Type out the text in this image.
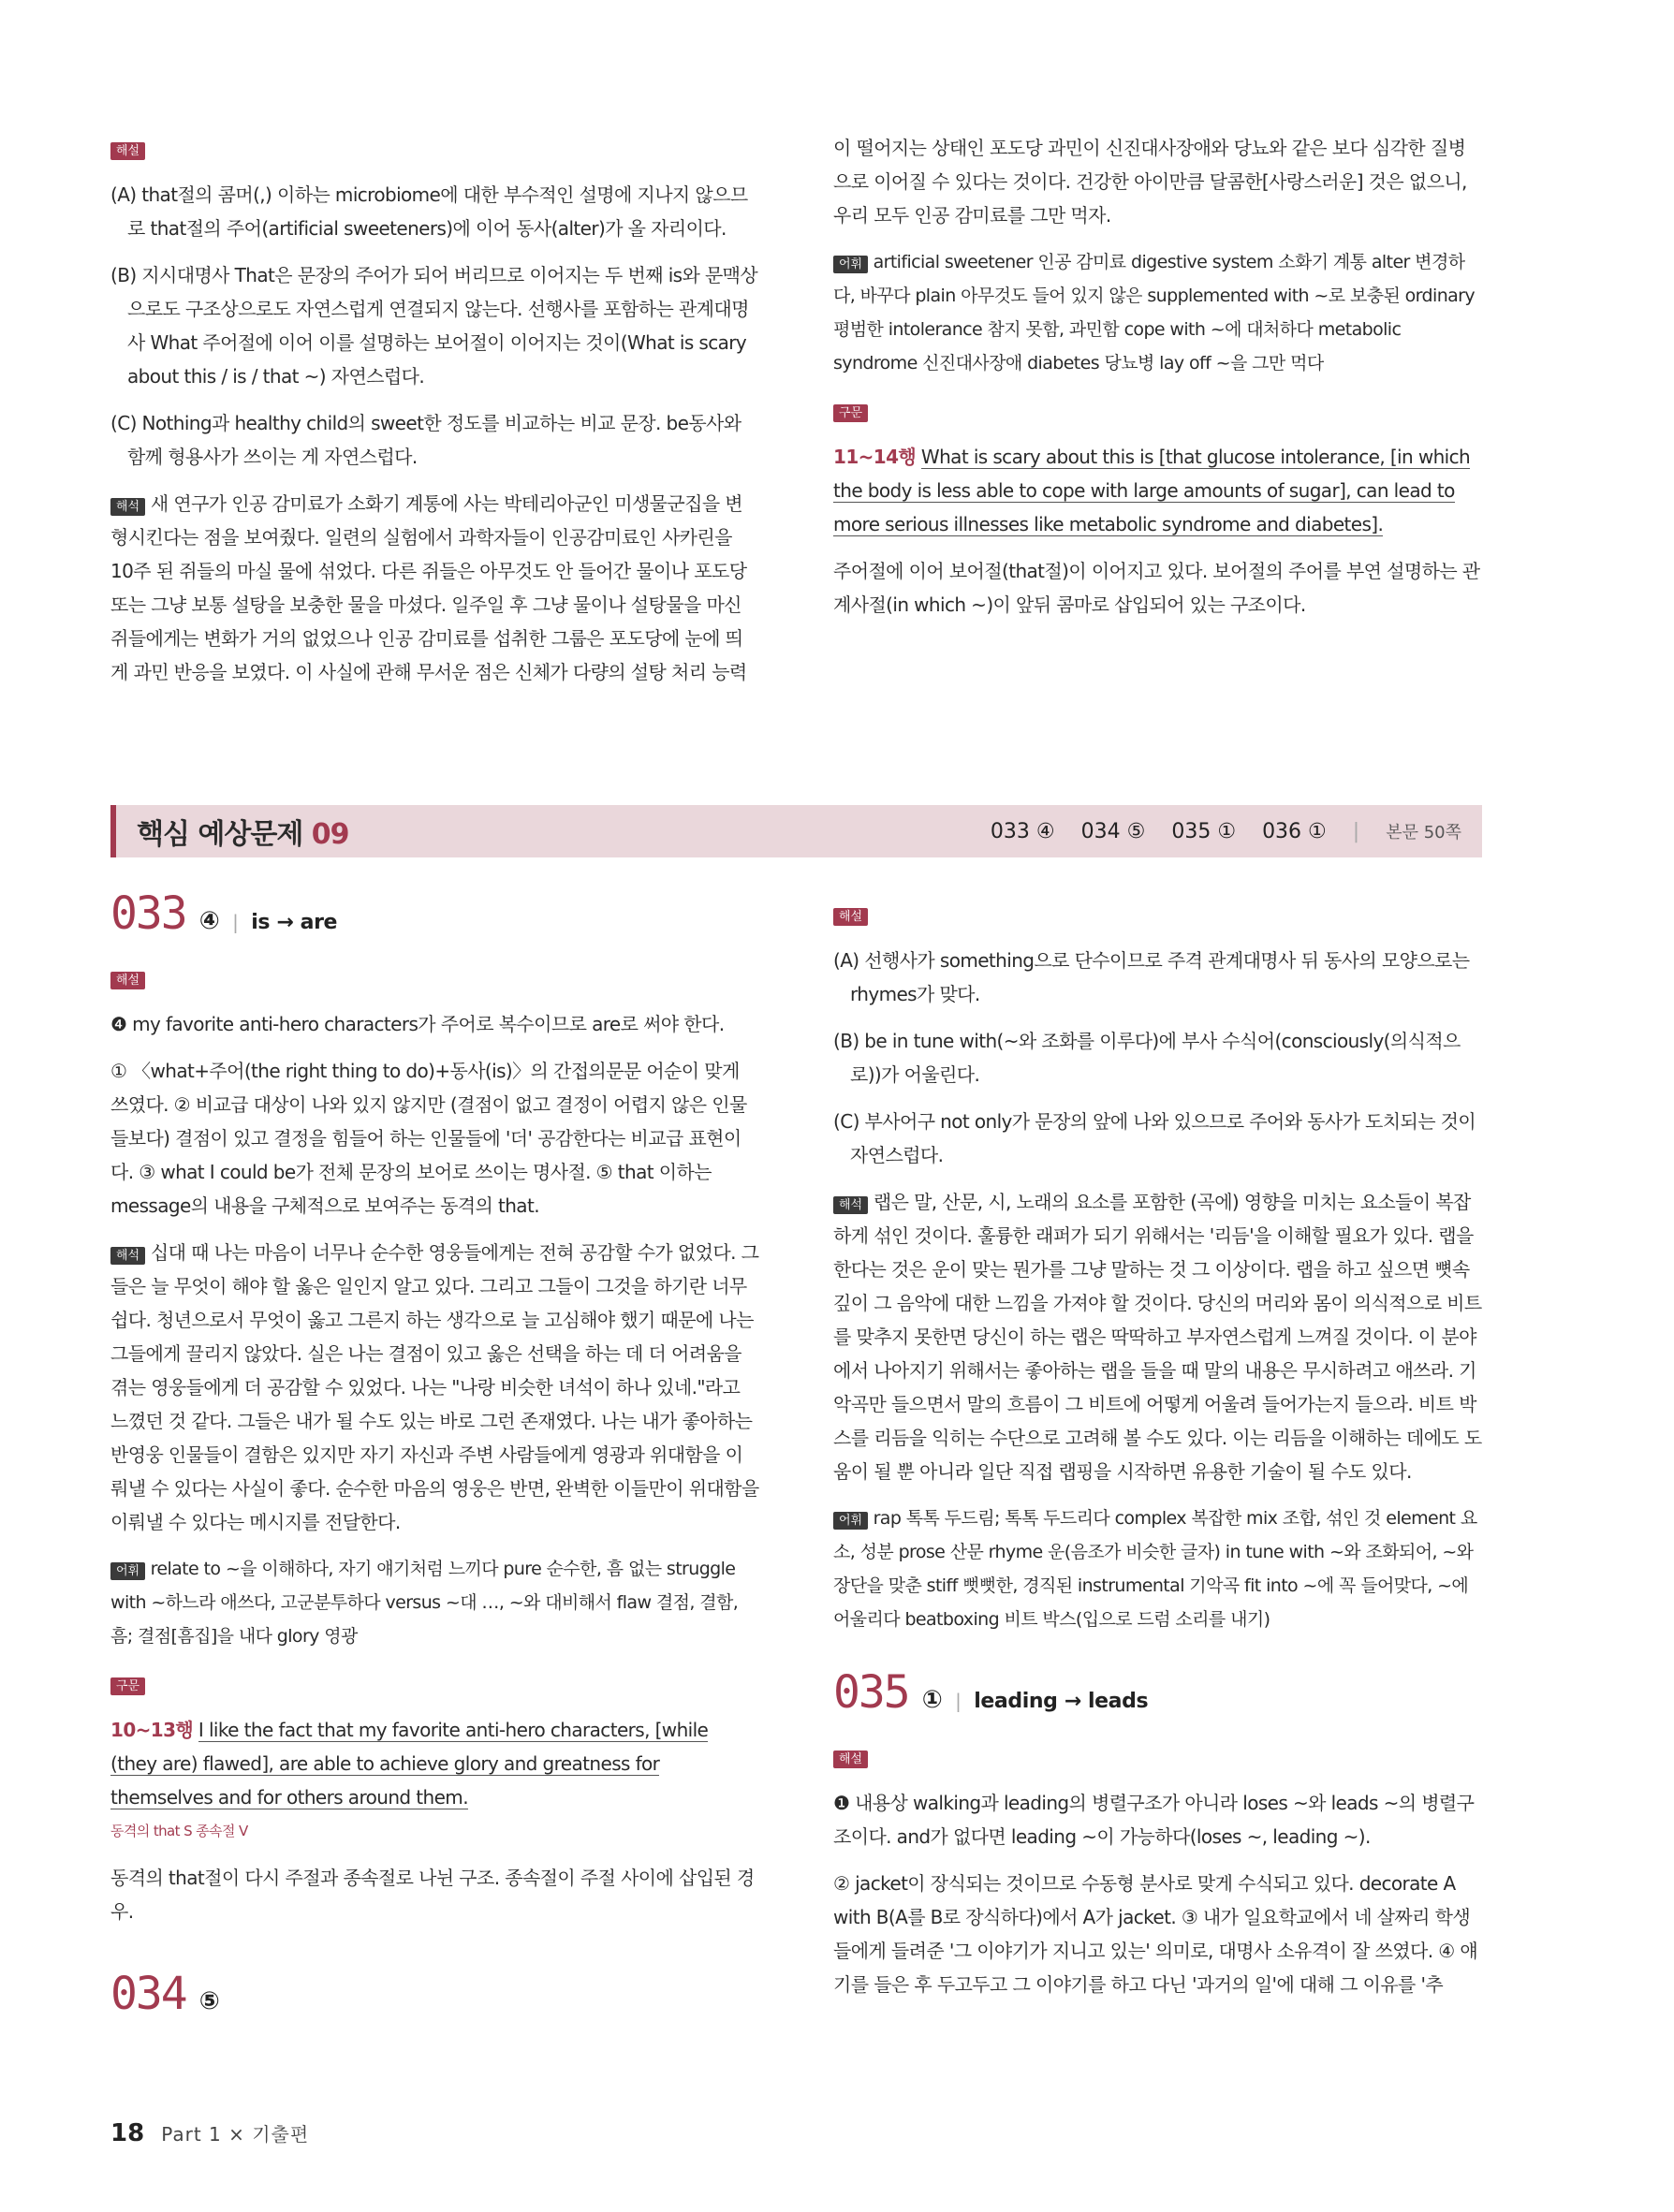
해설
(A) that절의 콤머(,) 이하는 microbiome에 대한 부수적인 설명에 지나지 않으므로 that절의 주어(artificial sweeteners)에 이어 동사(alter)가 올 자리이다.
(B) 지시대명사 That은 문장의 주어가 되어 버리므로 이어지는 두 번째 is와 문맥상으로도 구조상으로도 자연스럽게 연결되지 않는다. 선행사를 포함하는 관계대명사 What 주어절에 이어 이를 설명하는 보어절이 이어지는 것이(What is scary about this / is / that ~) 자연스럽다.
(C) Nothing과 healthy child의 sweet한 정도를 비교하는 비교 문장. be동사와 함께 형용사가 쓰이는 게 자연스럽다.
해석 새 연구가 인공 감미료가 소화기 계통에 사는 박테리아군인 미생물군집을 변형시킨다는 점을 보여줬다. 일련의 실험에서 과학자들이 인공감미료인 사카린을 10주 된 쥐들의 마실 물에 섞었다. 다른 쥐들은 아무것도 안 들어간 물이나 포도당 또는 그냥 보통 설탕을 보충한 물을 마셨다. 일주일 후 그냥 물이나 설탕물을 마신 쥐들에게는 변화가 거의 없었으나 인공 감미료를 섭취한 그룹은 포도당에 눈에 띄게 과민 반응을 보였다. 이 사실에 관해 무서운 점은 신체가 다량의 설탕 처리 능력
이 떨어지는 상태인 포도당 과민이 신진대사장애와 당뇨와 같은 보다 심각한 질병으로 이어질 수 있다는 것이다. 건강한 아이만큼 달콤한[사랑스러운] 것은 없으니, 우리 모두 인공 감미료를 그만 먹자.
어휘 artificial sweetener 인공 감미료 digestive system 소화기 계통 alter 변경하다, 바꾸다 plain 아무것도 들어 있지 않은 supplemented with ~로 보충된 ordinary 평범한 intolerance 참지 못함, 과민함 cope with ~에 대처하다 metabolic syndrome 신진대사장애 diabetes 당뇨병 lay off ~을 그만 먹다
구문
11~14행 What is scary about this is [that glucose intolerance, [in which the body is less able to cope with large amounts of sugar], can lead to more serious illnesses like metabolic syndrome and diabetes].
주어절에 이어 보어절(that절)이 이어지고 있다. 보어절의 주어를 부연 설명하는 관계사절(in which ~)이 앞뒤 콤마로 삽입되어 있는 구조이다.
핵심 예상문제 09	033 ④ 034 ⑤ 035 ① 036 ① | 본문 50쪽
033 ④ | is → are
해설
❹ my favorite anti-hero characters가 주어로 복수이므로 are로 써야 한다.
① 〈what+주어(the right thing to do)+동사(is)〉의 간접의문문 어순이 맞게 쓰였다. ② 비교급 대상이 나와 있지 않지만 (결점이 없고 결정이 어렵지 않은 인물들보다) 결점이 있고 결정을 힘들어 하는 인물들에 '더' 공감한다는 비교급 표현이다. ③ what I could be가 전체 문장의 보어로 쓰이는 명사절. ⑤ that 이하는 message의 내용을 구체적으로 보여주는 동격의 that.
해석 십대 때 나는 마음이 너무나 순수한 영웅들에게는 전혀 공감할 수가 없었다. 그들은 늘 무엇이 해야 할 옳은 일인지 알고 있다. 그리고 그들이 그것을 하기란 너무 쉽다. 청년으로서 무엇이 옳고 그른지 하는 생각으로 늘 고심해야 했기 때문에 나는 그들에게 끌리지 않았다. 실은 나는 결점이 있고 옳은 선택을 하는 데 더 어려움을 겪는 영웅들에게 더 공감할 수 있었다. 나는 "나랑 비슷한 녀석이 하나 있네."라고 느꼈던 것 같다. 그들은 내가 될 수도 있는 바로 그런 존재였다. 나는 내가 좋아하는 반영웅 인물들이 결함은 있지만 자기 자신과 주변 사람들에게 영광과 위대함을 이뤄낼 수 있다는 사실이 좋다. 순수한 마음의 영웅은 반면, 완벽한 이들만이 위대함을 이뤄낼 수 있다는 메시지를 전달한다.
어휘 relate to ~을 이해하다, 자기 얘기처럼 느끼다 pure 순수한, 흠 없는 struggle with ~하느라 애쓰다, 고군분투하다 versus ~대 …, ~와 대비해서 flaw 결점, 결함, 흠; 결점[흠집]을 내다 glory 영광
구문
10~13행 I like the fact that my favorite anti-hero characters, [while (they are) flawed], are able to achieve glory and greatness for themselves and for others around them.
동격의 that S 종속절 V
동격의 that절이 다시 주절과 종속절로 나뉜 구조. 종속절이 주절 사이에 삽입된 경우.
034 ⑤
해설
(A) 선행사가 something으로 단수이므로 주격 관계대명사 뒤 동사의 모양으로는 rhymes가 맞다.
(B) be in tune with(~와 조화를 이루다)에 부사 수식어(consciously(의식적으로))가 어울린다.
(C) 부사어구 not only가 문장의 앞에 나와 있으므로 주어와 동사가 도치되는 것이 자연스럽다.
해석 랩은 말, 산문, 시, 노래의 요소를 포함한 (곡에) 영향을 미치는 요소들이 복잡하게 섞인 것이다. 훌륭한 래퍼가 되기 위해서는 '리듬'을 이해할 필요가 있다. 랩을 한다는 것은 운이 맞는 뭔가를 그냥 말하는 것 그 이상이다. 랩을 하고 싶으면 뼛속 깊이 그 음악에 대한 느낌을 가져야 할 것이다. 당신의 머리와 몸이 의식적으로 비트를 맞추지 못한면 당신이 하는 랩은 딱딱하고 부자연스럽게 느껴질 것이다. 이 분야에서 나아지기 위해서는 좋아하는 랩을 들을 때 말의 내용은 무시하려고 애쓰라. 기악곡만 들으면서 말의 흐름이 그 비트에 어떻게 어울려 들어가는지 들으라. 비트 박스를 리듬을 익히는 수단으로 고려해 볼 수도 있다. 이는 리듬을 이해하는 데에도 도움이 될 뿐 아니라 일단 직접 랩핑을 시작하면 유용한 기술이 될 수도 있다.
어휘 rap 톡톡 두드림; 톡톡 두드리다 complex 복잡한 mix 조합, 섞인 것 element 요소, 성분 prose 산문 rhyme 운(음조가 비슷한 글자) in tune with ~와 조화되어, ~와 장단을 맞춘 stiff 뻣뻣한, 경직된 instrumental 기악곡 fit into ~에 꼭 들어맞다, ~에 어울리다 beatboxing 비트 박스(입으로 드럼 소리를 내기)
035 ① | leading → leads
해설
❶ 내용상 walking과 leading의 병렬구조가 아니라 loses ~와 leads ~의 병렬구조이다. and가 없다면 leading ~이 가능하다(loses ~, leading ~).
② jacket이 장식되는 것이므로 수동형 분사로 맞게 수식되고 있다. decorate A with B(A를 B로 장식하다)에서 A가 jacket. ③ 내가 일요학교에서 네 살짜리 학생들에게 들려준 '그 이야기가 지니고 있는' 의미로, 대명사 소유격이 잘 쓰였다. ④ 얘기를 들은 후 두고두고 그 이야기를 하고 다닌 '과거의 일'에 대해 그 이유를 '추
18 Part 1 × 기출편
